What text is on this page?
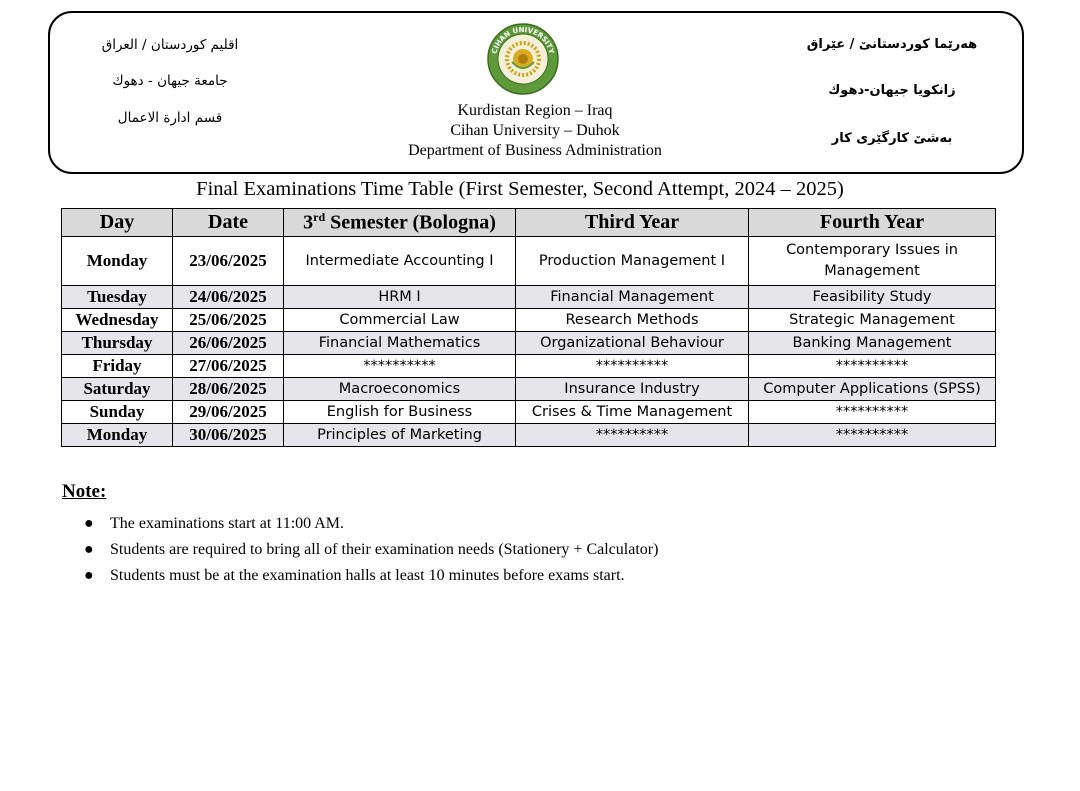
اقليم كوردستان / العراق
جامعة جيهان - دهوك
قسم ادارة الاعمال
CIHAN UNIVERSITY
Kurdistan Region – Iraq
Cihan University – Duhok
Department of Business Administration
هەرێما كوردستانێ / عێراق
زانكويا جيهان-دهوك
بەشێ كارگێری كار
Final Examinations Time Table (First Semester, Second Attempt, 2024 – 2025)
Day	Date	3rd Semester (Bologna)	Third Year	Fourth Year
Monday	23/06/2025	Intermediate Accounting I	Production Management I	Contemporary Issues in Management
Tuesday	24/06/2025	HRM I	Financial Management	Feasibility Study
Wednesday	25/06/2025	Commercial Law	Research Methods	Strategic Management
Thursday	26/06/2025	Financial Mathematics	Organizational Behaviour	Banking Management
Friday	27/06/2025	**********	**********	**********
Saturday	28/06/2025	Macroeconomics	Insurance Industry	Computer Applications (SPSS)
Sunday	29/06/2025	English for Business	Crises & Time Management	**********
Monday	30/06/2025	Principles of Marketing	**********	**********
Note:
● The examinations start at 11:00 AM.
● Students are required to bring all of their examination needs (Stationery + Calculator)
● Students must be at the examination halls at least 10 minutes before exams start.
